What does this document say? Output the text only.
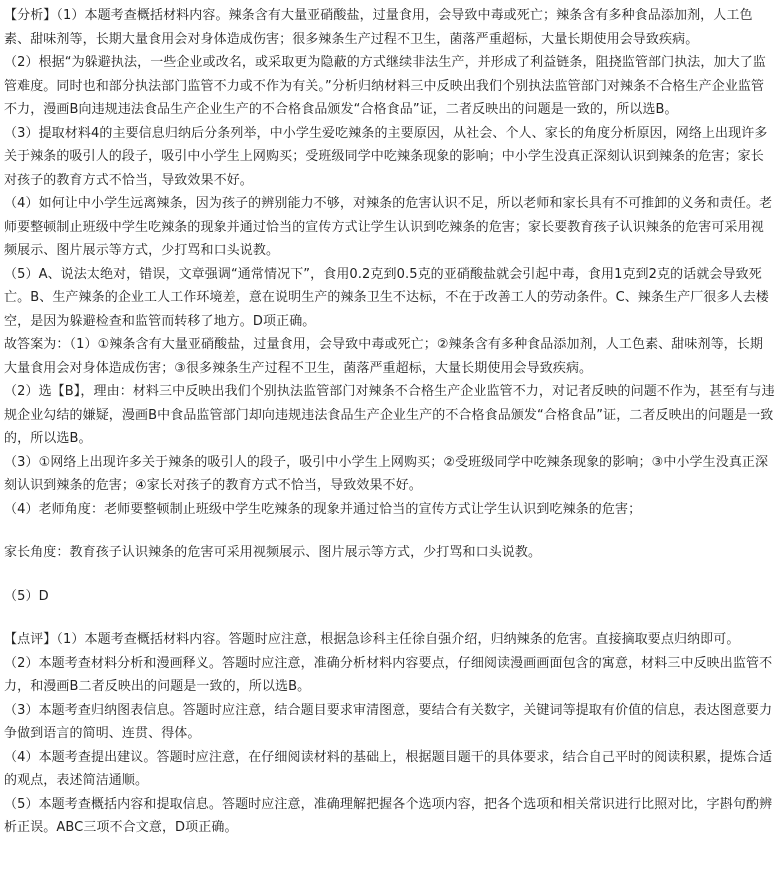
【分析】（1）本题考查概括材料内容。辣条含有大量亚硝酸盐，过量食用，会导致中毒或死亡；辣条含有多种食品添加剂，人工色素、甜味剂等，长期大量食用会对身体造成伤害；很多辣条生产过程不卫生，菌落严重超标，大量长期使用会导致疾病。

（2）根据“为躲避执法，一些企业或改名，或采取更为隐蔽的方式继续非法生产，并形成了利益链条，阻挠监管部门执法，加大了监管难度。同时也和部分执法部门监管不力或不作为有关。”分析归纳材料三中反映出我们个别执法监管部门对辣条不合格生产企业监管不力，漫画B向违规违法食品生产企业生产的不合格食品颁发“合格食品”证，二者反映出的问题是一致的，所以选B。

（3）提取材料4的主要信息归纳后分条列举，中小学生爱吃辣条的主要原因，从社会、个人、家长的角度分析原因，网络上出现许多关于辣条的吸引人的段子，吸引中小学生上网购买；受班级同学中吃辣条现象的影响；中小学生没真正深刻认识到辣条的危害；家长对孩子的教育方式不恰当，导致效果不好。

（4）如何让中小学生远离辣条，因为孩子的辨别能力不够，对辣条的危害认识不足，所以老师和家长具有不可推卸的义务和责任。老师要整顿制止班级中学生吃辣条的现象并通过恰当的宣传方式让学生认识到吃辣条的危害；家长要教育孩子认识辣条的危害可采用视频展示、图片展示等方式，少打骂和口头说教。

（5）A、说法太绝对，错误，文章强调“通常情况下”，食用0.2克到0.5克的亚硝酸盐就会引起中毒，食用1克到2克的话就会导致死亡。B、生产辣条的企业工人工作环境差，意在说明生产的辣条卫生不达标，不在于改善工人的劳动条件。C、辣条生产厂很多人去楼空，是因为躲避检查和监管而转移了地方。D项正确。

故答案为：（1）①辣条含有大量亚硝酸盐，过量食用，会导致中毒或死亡；②辣条含有多种食品添加剂，人工色素、甜味剂等，长期大量食用会对身体造成伤害；③很多辣条生产过程不卫生，菌落严重超标，大量长期使用会导致疾病。

（2）选【B】，理由：材料三中反映出我们个别执法监管部门对辣条不合格生产企业监管不力，对记者反映的问题不作为，甚至有与违规企业勾结的嫌疑，漫画B中食品监管部门却向违规违法食品生产企业生产的不合格食品颁发“合格食品”证，二者反映出的问题是一致的，所以选B。

（3）①网络上出现许多关于辣条的吸引人的段子，吸引中小学生上网购买；②受班级同学中吃辣条现象的影响；③中小学生没真正深刻认识到辣条的危害；④家长对孩子的教育方式不恰当，导致效果不好。

（4）老师角度：老师要整顿制止班级中学生吃辣条的现象并通过恰当的宣传方式让学生认识到吃辣条的危害；

家长角度：教育孩子认识辣条的危害可采用视频展示、图片展示等方式，少打骂和口头说教。

（5）D

【点评】（1）本题考查概括材料内容。答题时应注意，根据急诊科主任徐自强介绍，归纳辣条的危害。直接摘取要点归纳即可。

（2）本题考查材料分析和漫画释义。答题时应注意，准确分析材料内容要点，仔细阅读漫画画面包含的寓意，材料三中反映出监管不力，和漫画B二者反映出的问题是一致的，所以选B。

（3）本题考查归纳图表信息。答题时应注意，结合题目要求审清图意，要结合有关数字，关键词等提取有价值的信息，表达图意要力争做到语言的简明、连贯、得体。

（4）本题考查提出建议。答题时应注意，在仔细阅读材料的基础上，根据题目题干的具体要求，结合自己平时的阅读积累，提炼合适的观点，表述简洁通顺。

（5）本题考查概括内容和提取信息。答题时应注意，准确理解把握各个选项内容，把各个选项和相关常识进行比照对比，字斟句酌辨析正误。ABC三项不合文意，D项正确。
